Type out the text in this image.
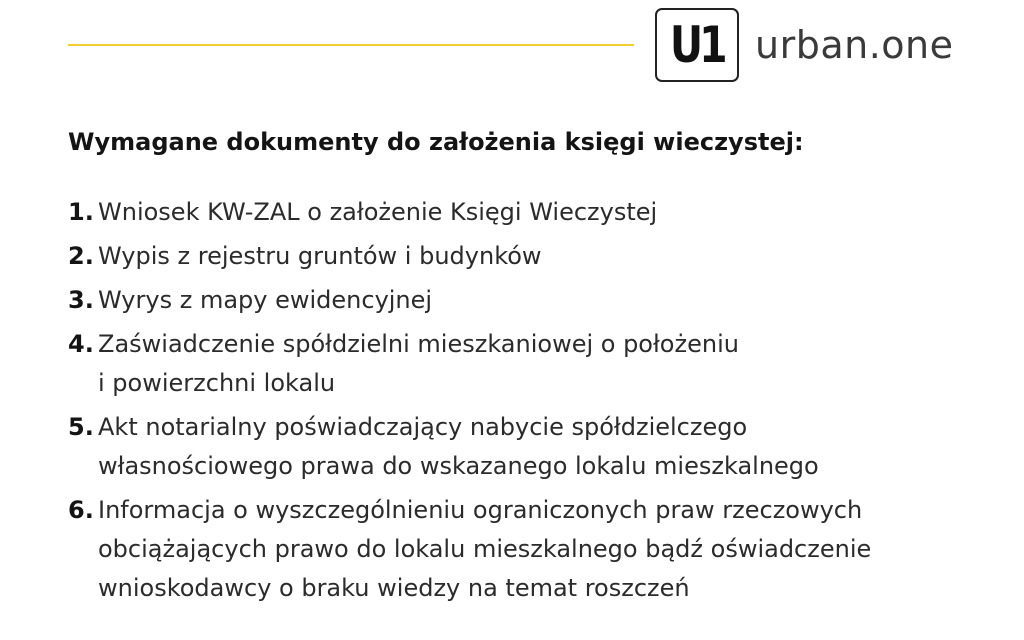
U1 urban.one
Wymagane dokumenty do założenia księgi wieczystej:
1. Wniosek KW-ZAL o założenie Księgi Wieczystej
2. Wypis z rejestru gruntów i budynków
3. Wyrys z mapy ewidencyjnej
4. Zaświadczenie spółdzielni mieszkaniowej o położeniu
i powierzchni lokalu
5. Akt notarialny poświadczający nabycie spółdzielczego
własnościowego prawa do wskazanego lokalu mieszkalnego
6. Informacja o wyszczególnieniu ograniczonych praw rzeczowych
obciążających prawo do lokalu mieszkalnego bądź oświadczenie
wnioskodawcy o braku wiedzy na temat roszczeń
